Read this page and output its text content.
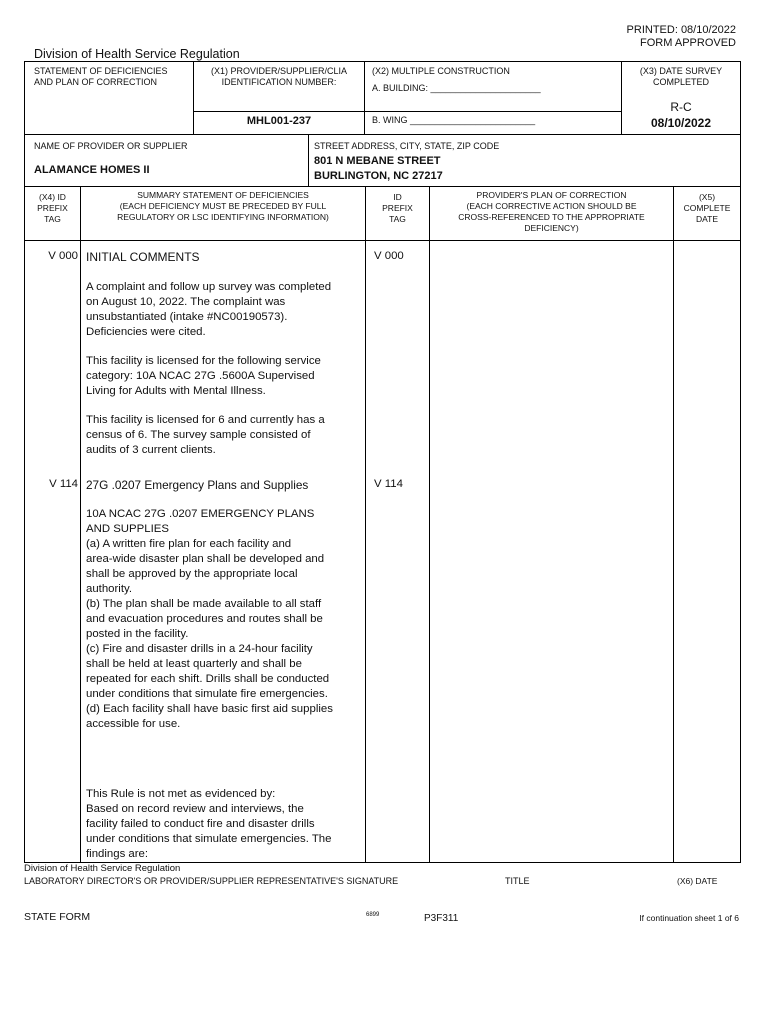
PRINTED: 08/10/2022
FORM APPROVED
Division of Health Service Regulation
STATEMENT OF DEFICIENCIES
AND PLAN OF CORRECTION
(X1) PROVIDER/SUPPLIER/CLIA
IDENTIFICATION NUMBER:
MHL001-237
(X2) MULTIPLE CONSTRUCTION
A. BUILDING: ______________________
B. WING _________________________
(X3) DATE SURVEY
COMPLETED
R-C
08/10/2022
NAME OF PROVIDER OR SUPPLIER
ALAMANCE HOMES II
STREET ADDRESS, CITY, STATE, ZIP CODE
801 N MEBANE STREET
BURLINGTON, NC 27217
(X4) ID
PREFIX
TAG
SUMMARY STATEMENT OF DEFICIENCIES
(EACH DEFICIENCY MUST BE PRECEDED BY FULL
REGULATORY OR LSC IDENTIFYING INFORMATION)
ID
PREFIX
TAG
PROVIDER'S PLAN OF CORRECTION
(EACH CORRECTIVE ACTION SHOULD BE
CROSS-REFERENCED TO THE APPROPRIATE
DEFICIENCY)
(X5)
COMPLETE
DATE
V 000 INITIAL COMMENTS	V 000
A complaint and follow up survey was completed
on August 10, 2022. The complaint was
unsubstantiated (intake #NC00190573).
Deficiencies were cited.
This facility is licensed for the following service
category: 10A NCAC 27G .5600A Supervised
Living for Adults with Mental Illness.
This facility is licensed for 6 and currently has a
census of 6. The survey sample consisted of
audits of 3 current clients.
V 114 27G .0207 Emergency Plans and Supplies	V 114
10A NCAC 27G .0207 EMERGENCY PLANS
AND SUPPLIES
(a) A written fire plan for each facility and
area-wide disaster plan shall be developed and
shall be approved by the appropriate local
authority.
(b) The plan shall be made available to all staff
and evacuation procedures and routes shall be
posted in the facility.
(c) Fire and disaster drills in a 24-hour facility
shall be held at least quarterly and shall be
repeated for each shift. Drills shall be conducted
under conditions that simulate fire emergencies.
(d) Each facility shall have basic first aid supplies
accessible for use.
This Rule is not met as evidenced by:
Based on record review and interviews, the
facility failed to conduct fire and disaster drills
under conditions that simulate emergencies. The
findings are:
Division of Health Service Regulation
LABORATORY DIRECTOR'S OR PROVIDER/SUPPLIER REPRESENTATIVE'S SIGNATURE	TITLE	(X6) DATE
STATE FORM	6899	P3F311	If continuation sheet 1 of 6
